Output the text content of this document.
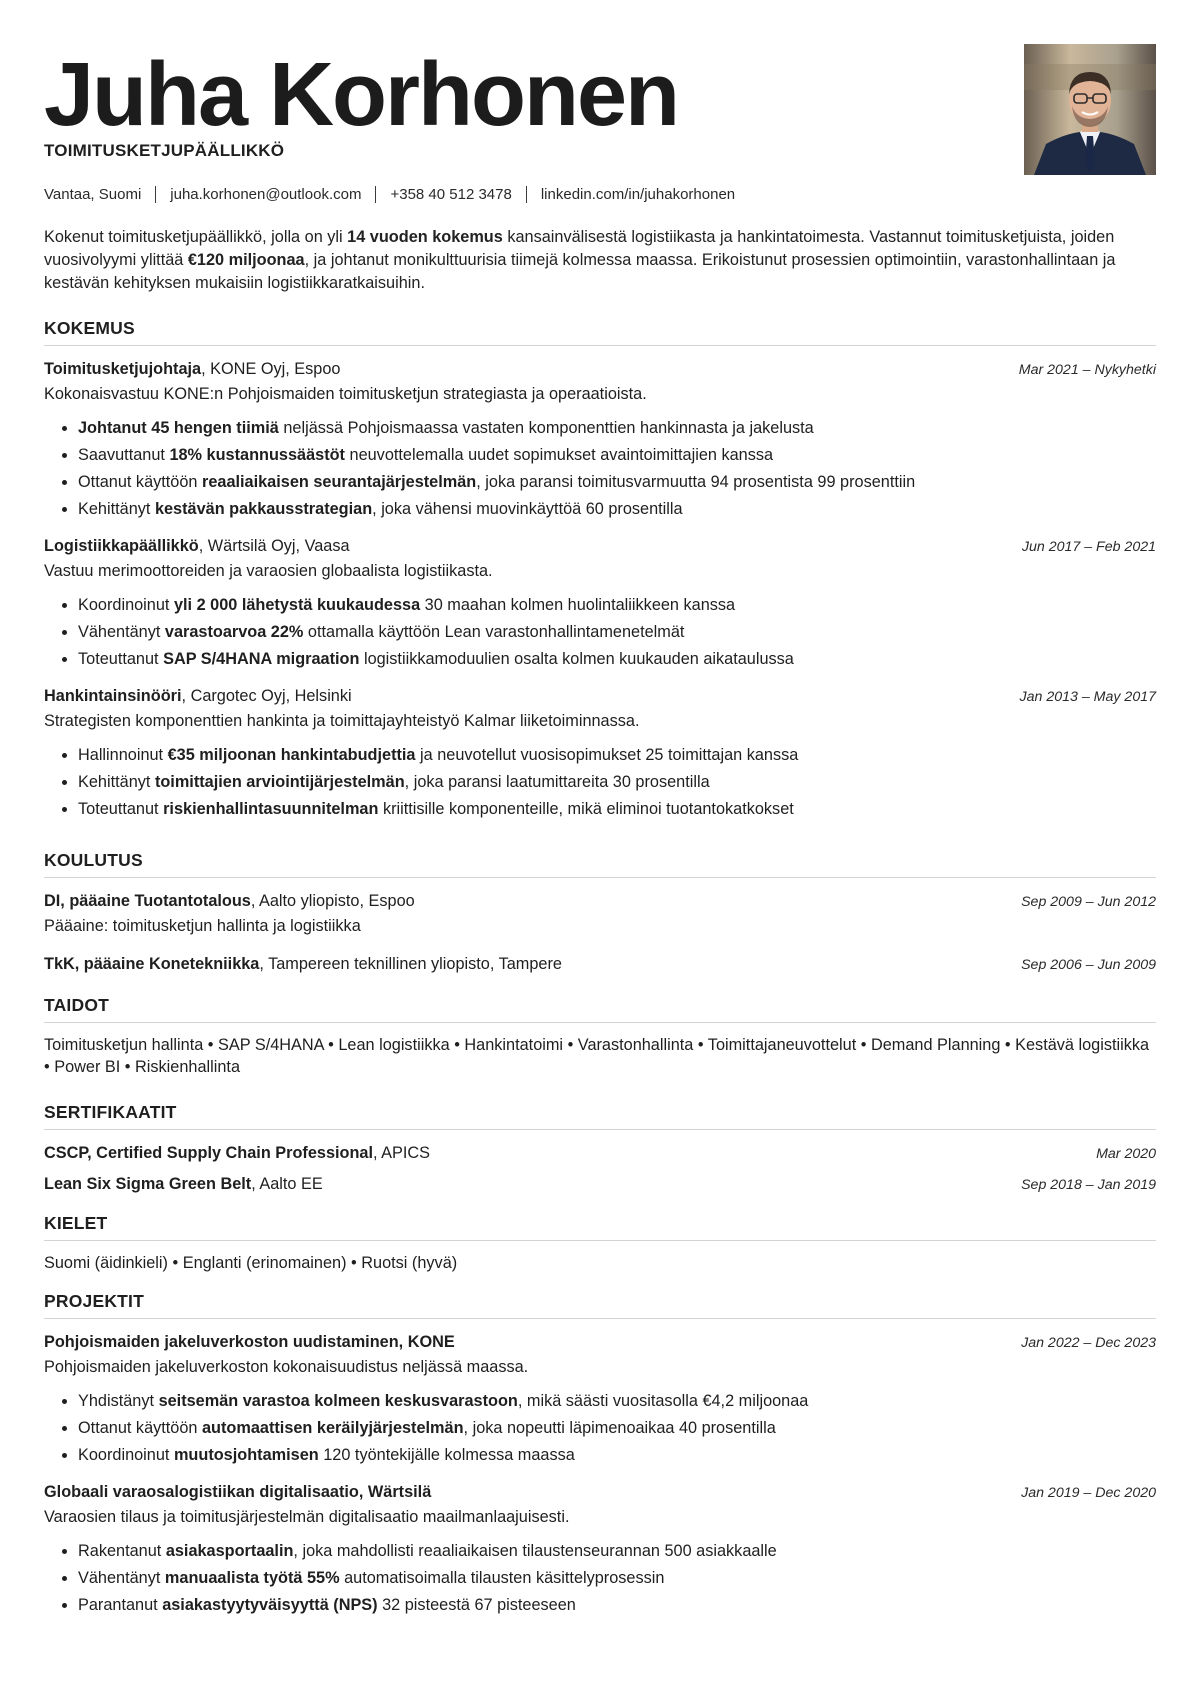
Juha Korhonen
TOIMITUSKETJUPÄÄLLIKKÖ
Vantaa, Suomi juha.korhonen@outlook.com +358 40 512 3478 linkedin.com/in/juhakorhonen

Kokenut toimitusketjupäällikkö, jolla on yli 14 vuoden kokemus kansainvälisestä logistiikasta ja hankintatoimesta. Vastannut toimitusketjuista, joiden vuosivolyymi ylittää €120 miljoonaa, ja johtanut monikulttuurisia tiimejä kolmessa maassa. Erikoistunut prosessien optimointiin, varastonhallintaan ja kestävän kehityksen mukaisiin logistiikkaratkaisuihin.

KOKEMUS
Toimitusketjujohtaja, KONE Oyj, Espoo	Mar 2021 – Nykyhetki
Kokonaisvastuu KONE:n Pohjoismaiden toimitusketjun strategiasta ja operaatioista.
• Johtanut 45 hengen tiimiä neljässä Pohjoismaassa vastaten komponenttien hankinnasta ja jakelusta
• Saavuttanut 18% kustannussäästöt neuvottelemalla uudet sopimukset avaintoimittajien kanssa
• Ottanut käyttöön reaaliaikaisen seurantajärjestelmän, joka paransi toimitusvarmuutta 94 prosentista 99 prosenttiin
• Kehittänyt kestävän pakkausstrategian, joka vähensi muovinkäyttöä 60 prosentilla
Logistiikkapäällikkö, Wärtsilä Oyj, Vaasa	Jun 2017 – Feb 2021
Vastuu merimoottoreiden ja varaosien globaalista logistiikasta.
• Koordinoinut yli 2 000 lähetystä kuukaudessa 30 maahan kolmen huolintaliikkeen kanssa
• Vähentänyt varastoarvoa 22% ottamalla käyttöön Lean varastonhallintamenetelmät
• Toteuttanut SAP S/4HANA migraation logistiikkamoduulien osalta kolmen kuukauden aikataulussa
Hankintainsinööri, Cargotec Oyj, Helsinki	Jan 2013 – May 2017
Strategisten komponenttien hankinta ja toimittajayhteistyö Kalmar liiketoiminnassa.
• Hallinnoinut €35 miljoonan hankintabudjettia ja neuvotellut vuosisopimukset 25 toimittajan kanssa
• Kehittänyt toimittajien arviointijärjestelmän, joka paransi laatumittareita 30 prosentilla
• Toteuttanut riskienhallintasuunnitelman kriittisille komponenteille, mikä eliminoi tuotantokatkokset
KOULUTUS
DI, pääaine Tuotantotalous, Aalto yliopisto, Espoo	Sep 2009 – Jun 2012
Pääaine: toimitusketjun hallinta ja logistiikka
TkK, pääaine Konetekniikka, Tampereen teknillinen yliopisto, Tampere	Sep 2006 – Jun 2009
TAIDOT
Toimitusketjun hallinta • SAP S/4HANA • Lean logistiikka • Hankintatoimi • Varastonhallinta • Toimittajaneuvottelut • Demand Planning • Kestävä logistiikka • Power BI • Riskienhallinta
SERTIFIKAATIT
CSCP, Certified Supply Chain Professional, APICS	Mar 2020
Lean Six Sigma Green Belt, Aalto EE	Sep 2018 – Jan 2019
KIELET
Suomi (äidinkieli) • Englanti (erinomainen) • Ruotsi (hyvä)
PROJEKTIT
Pohjoismaiden jakeluverkoston uudistaminen, KONE	Jan 2022 – Dec 2023
Pohjoismaiden jakeluverkoston kokonaisuudistus neljässä maassa.
• Yhdistänyt seitsemän varastoa kolmeen keskusvarastoon, mikä säästi vuositasolla €4,2 miljoonaa
• Ottanut käyttöön automaattisen keräilyjärjestelmän, joka nopeutti läpimenoaikaa 40 prosentilla
• Koordinoinut muutosjohtamisen 120 työntekijälle kolmessa maassa
Globaali varaosalogistiikan digitalisaatio, Wärtsilä	Jan 2019 – Dec 2020
Varaosien tilaus ja toimitusjärjestelmän digitalisaatio maailmanlaajuisesti.
• Rakentanut asiakasportaalin, joka mahdollisti reaaliaikaisen tilaustenseurannan 500 asiakkaalle
• Vähentänyt manuaalista työtä 55% automatisoimalla tilausten käsittelyprosessin
• Parantanut asiakastyytyväisyyttä (NPS) 32 pisteestä 67 pisteeseen
